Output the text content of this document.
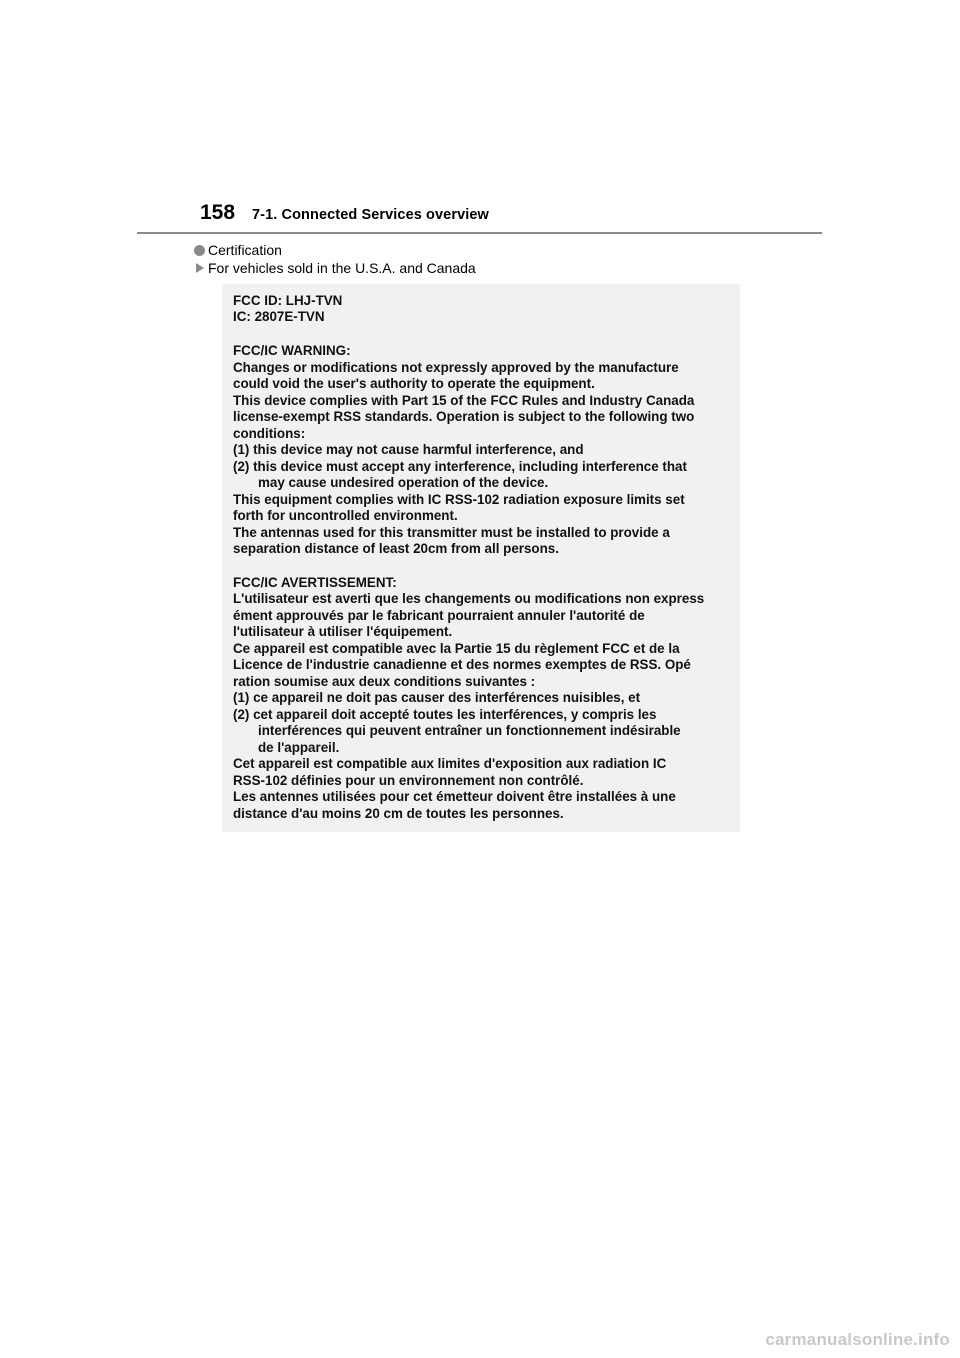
158 7-1. Connected Services overview
Certification
For vehicles sold in the U.S.A. and Canada
FCC ID: LHJ-TVN
IC: 2807E-TVN
FCC/IC WARNING:
Changes or modifications not expressly approved by the manufacture
could void the user's authority to operate the equipment.
This device complies with Part 15 of the FCC Rules and Industry Canada
license-exempt RSS standards. Operation is subject to the following two
conditions:
(1) this device may not cause harmful interference, and
(2) this device must accept any interference, including interference that
may cause undesired operation of the device.
This equipment complies with IC RSS-102 radiation exposure limits set
forth for uncontrolled environment.
The antennas used for this transmitter must be installed to provide a
separation distance of least 20cm from all persons.
FCC/IC AVERTISSEMENT:
L'utilisateur est averti que les changements ou modifications non express
ément approuvés par le fabricant pourraient annuler l'autorité de
l'utilisateur à utiliser l'équipement.
Ce appareil est compatible avec la Partie 15 du règlement FCC et de la
Licence de l'industrie canadienne et des normes exemptes de RSS. Opé
ration soumise aux deux conditions suivantes :
(1) ce appareil ne doit pas causer des interférences nuisibles, et
(2) cet appareil doit accepté toutes les interférences, y compris les
interférences qui peuvent entraîner un fonctionnement indésirable
de l'appareil.
Cet appareil est compatible aux limites d'exposition aux radiation IC
RSS-102 définies pour un environnement non contrôlé.
Les antennes utilisées pour cet émetteur doivent être installées à une
distance d'au moins 20 cm de toutes les personnes.
carmanualsonline.info
